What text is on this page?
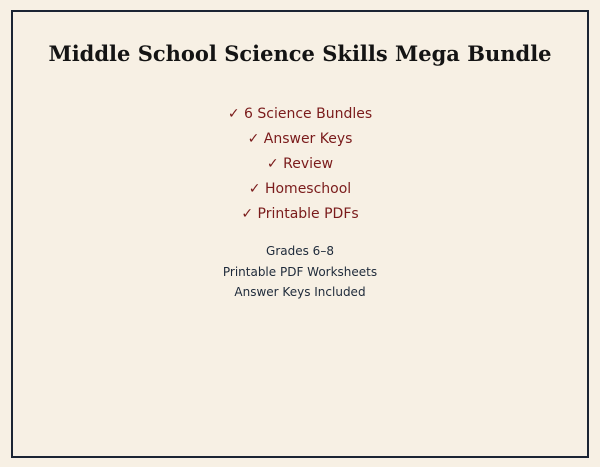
Middle School Science Skills Mega Bundle
✓ 6 Science Bundles
✓ Answer Keys
✓ Review
✓ Homeschool
✓ Printable PDFs
Grades 6–8
Printable PDF Worksheets
Answer Keys Included
